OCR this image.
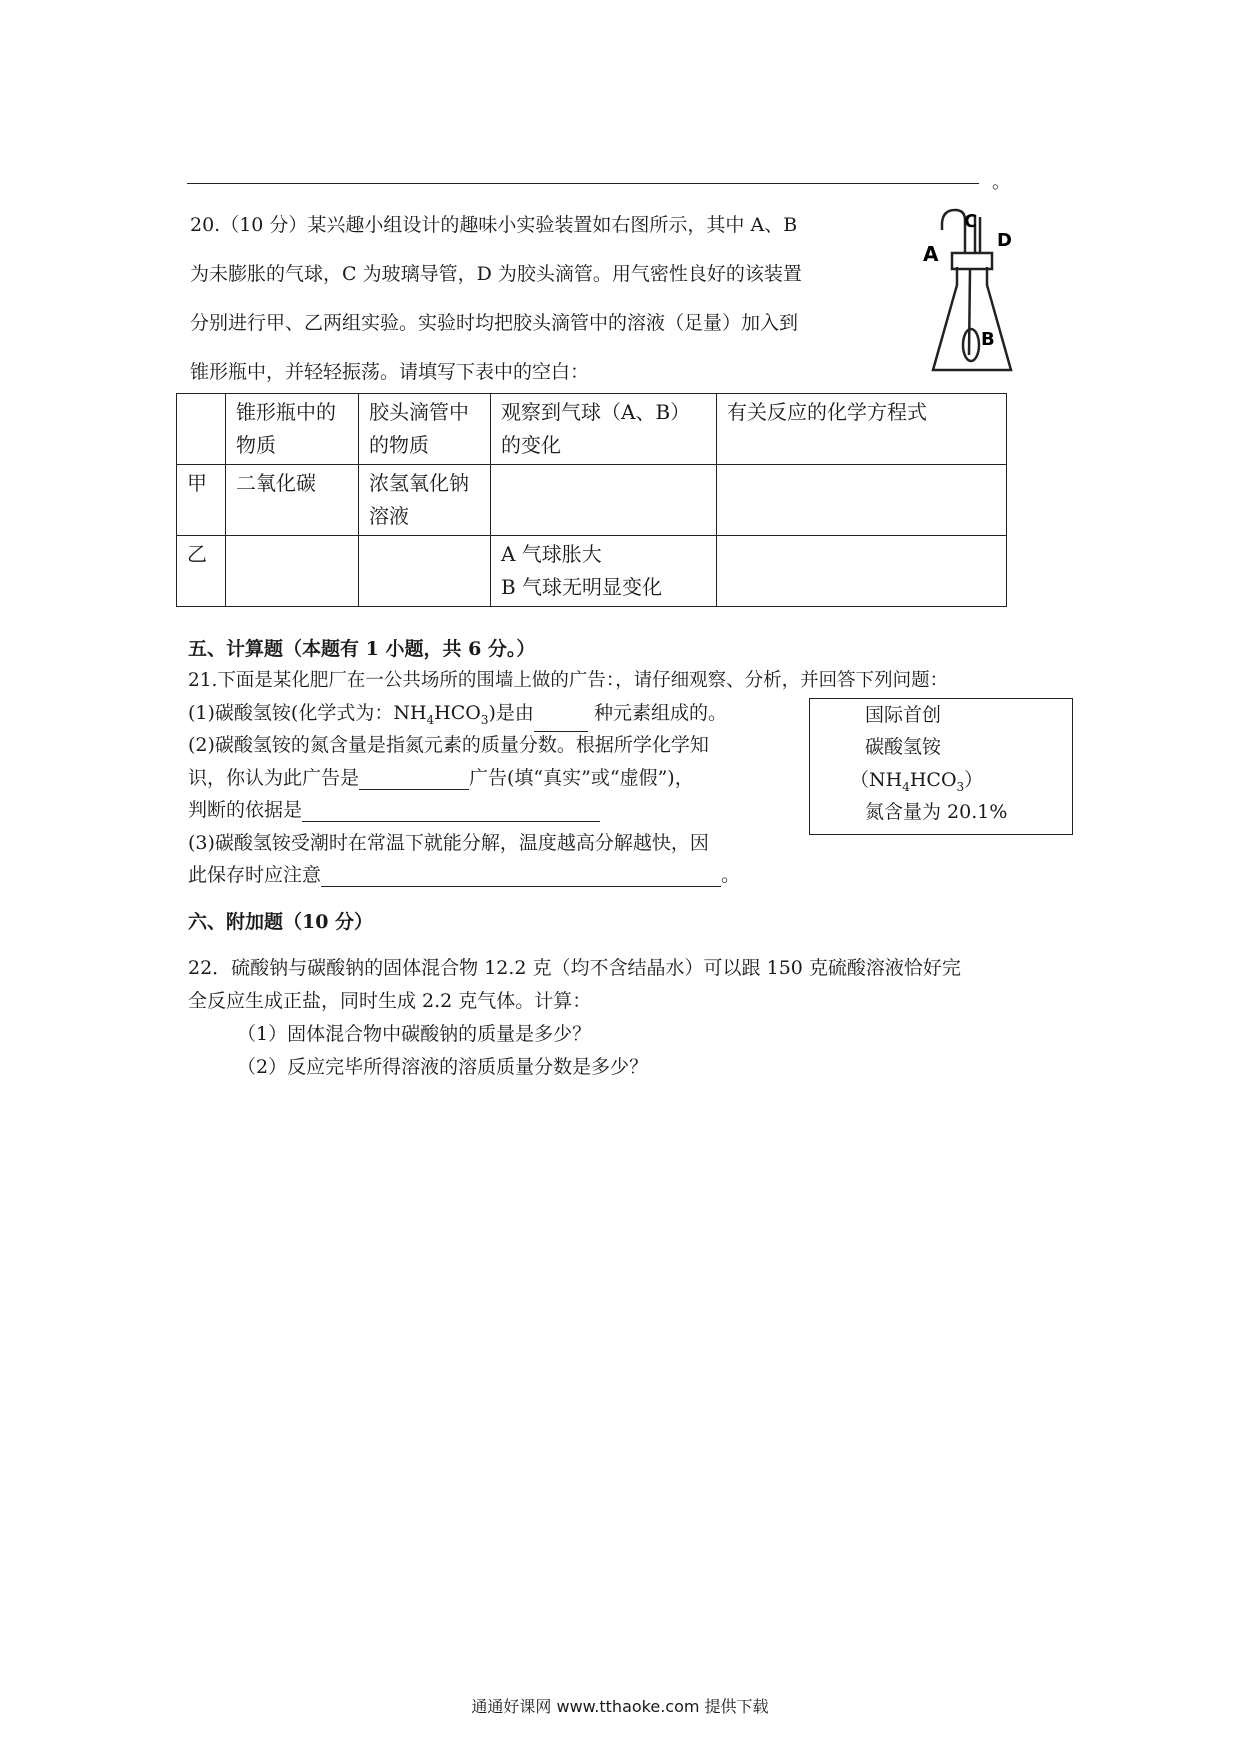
。
20.（10 分）某兴趣小组设计的趣味小实验装置如右图所示，其中 A、B
为未膨胀的气球，C 为玻璃导管，D 为胶头滴管。用气密性良好的该装置
分别进行甲、乙两组实验。实验时均把胶头滴管中的溶液（足量）加入到
锥形瓶中，并轻轻振荡。请填写下表中的空白：
A
C
D
B
	锥形瓶中的物质	胶头滴管中的物质	观察到气球（A、B）的变化	有关反应的化学方程式
甲	二氧化碳	浓氢氧化钠溶液		
乙			A 气球胀大
B 气球无明显变化	

五、计算题（本题有 1 小题，共 6 分。）
21.下面是某化肥厂在一公共场所的围墙上做的广告：，请仔细观察、分析，并回答下列问题：
(1)碳酸氢铵(化学式为：$NH_4HCO_3$)是由	种元素组成的。
(2)碳酸氢铵的氮含量是指氮元素的质量分数。根据所学化学知
识，你认为此广告是	广告(填“真实”或“虚假”)，
判断的依据是
(3)碳酸氢铵受潮时在常温下就能分解，温度越高分解越快，因
此保存时应注意	。
国际首创
碳酸氢铵
$(NH_4HCO_3)$
氮含量为 20.1%
六、附加题（10 分）
22．硫酸钠与碳酸钠的固体混合物 12.2 克（均不含结晶水）可以跟 150 克硫酸溶液恰好完
全反应生成正盐，同时生成 2.2 克气体。计算：
（1）固体混合物中碳酸钠的质量是多少？
（2）反应完毕所得溶液的溶质质量分数是多少？
通通好课网 www.tthaoke.com 提供下载
